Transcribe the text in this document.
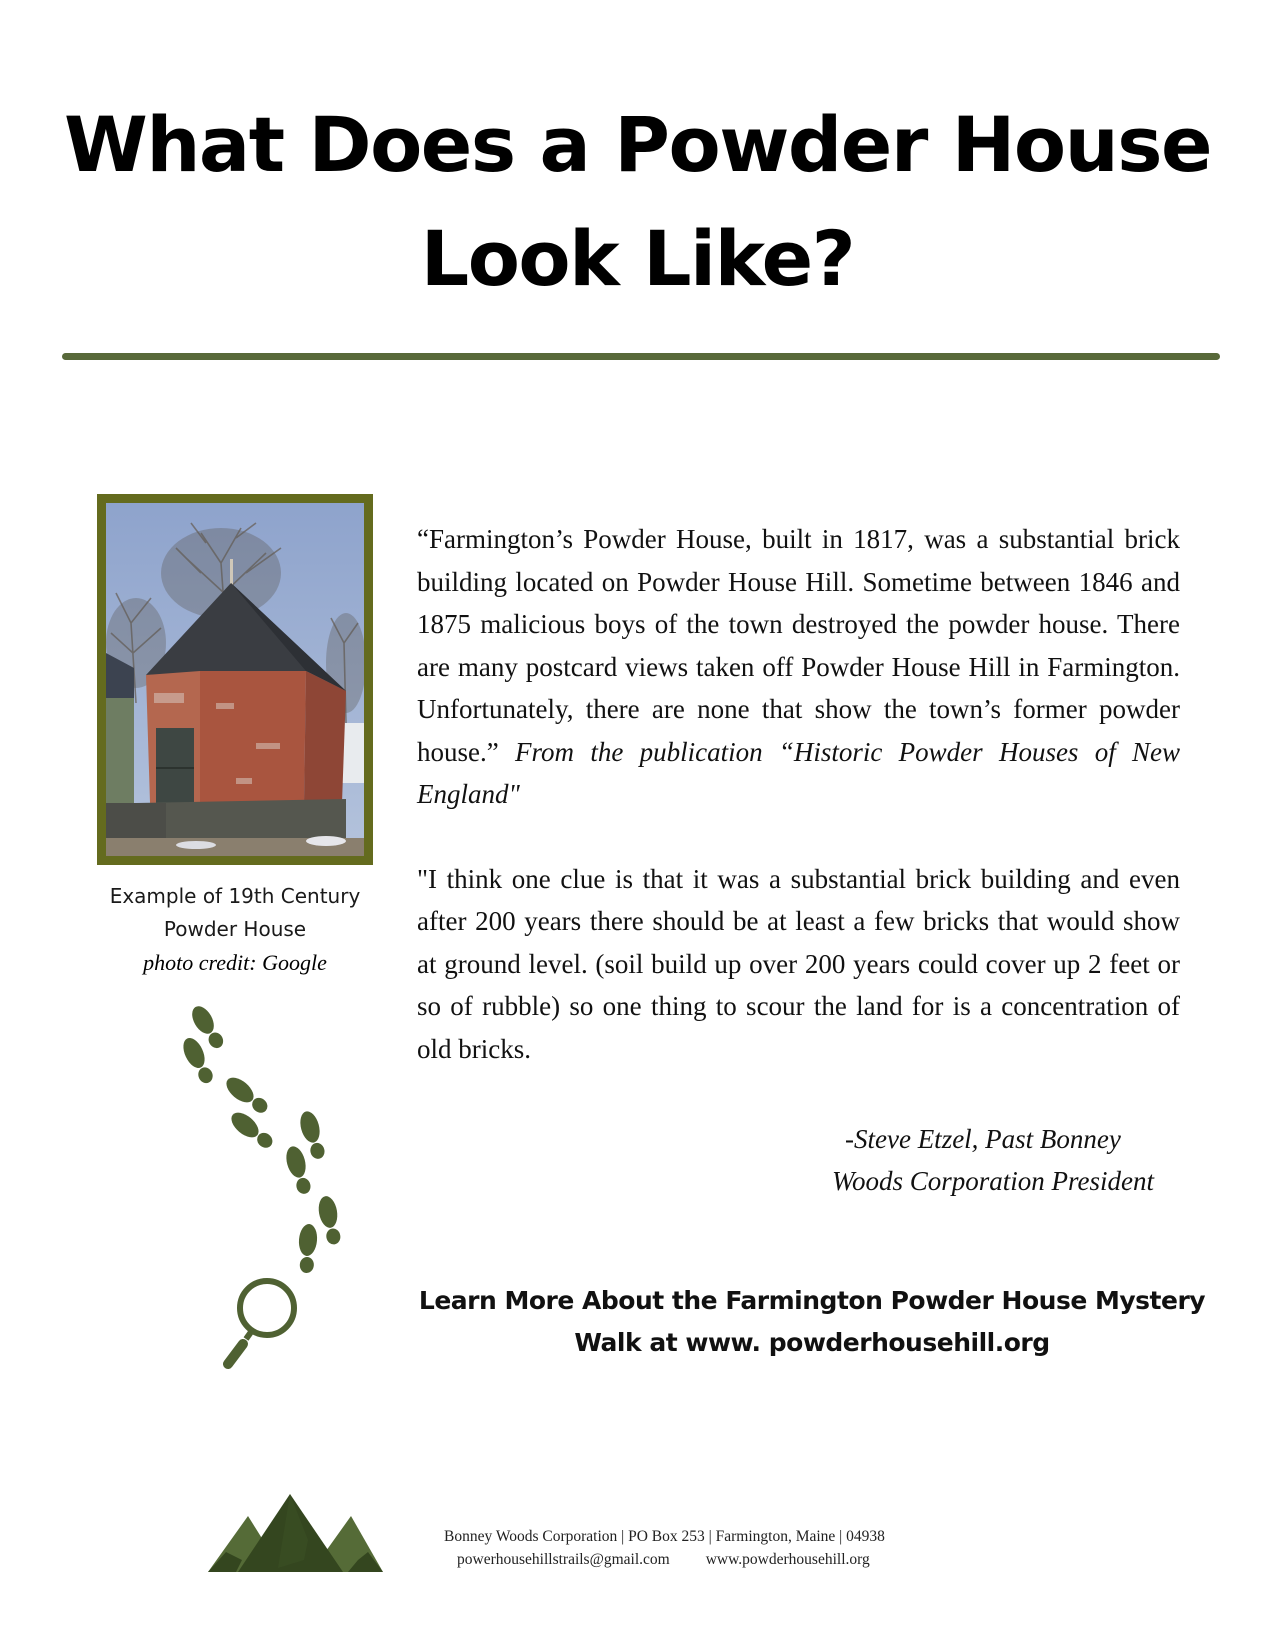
What Does a Powder House
Look Like?
Example of 19th Century
Powder House
photo credit: Google

“Farmington’s Powder House, built in 1817, was a substantial brick building located on Powder House Hill. Sometime between 1846 and 1875 malicious boys of the town destroyed the powder house. There are many postcard views taken off Powder House Hill in Farmington. Unfortunately, there are none that show the town’s former powder house.” From the publication “Historic Powder Houses of New England"

"I think one clue is that it was a substantial brick building and even after 200 years there should be at least a few bricks that would show at ground level. (soil build up over 200 years could cover up 2 feet or so of rubble) so one thing to scour the land for is a concentration of old bricks.

-Steve Etzel, Past Bonney
Woods Corporation President
Learn More About the Farmington Powder House Mystery
Walk at www. powderhousehill.org
Bonney Woods Corporation | PO Box 253 | Farmington, Maine | 04938
powerhousehillstrails@gmail.com www.powderhousehill.org
